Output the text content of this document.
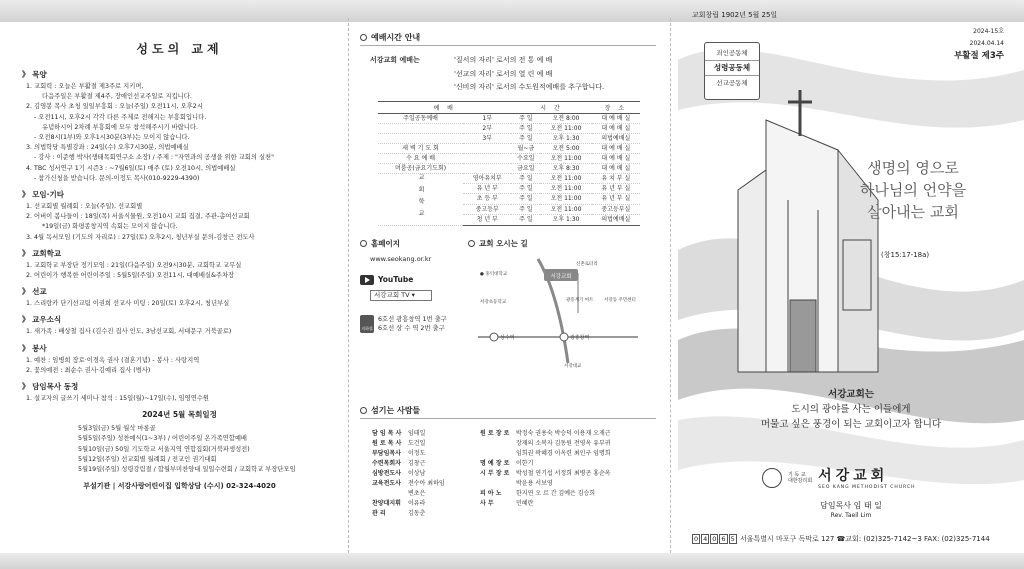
성도의 교제
》 목양
1. 교회력 : 오늘은 부활절 제3주로 지키며,
다음주일은 부활절 제4주, 장애인선교주일로 지킵니다.
2. 김영봉 목사 초청 일일부흥회 : 오늘(주일) 오전11시, 오후2시
- 오전11시, 오후2시 각각 다른 주제로 전해지는 부흥회입니다.
유념하시어 2차례 부흥회에 모두 참석해주시기 바랍니다.
- 오전8시(1부)와 오후1시30분(3부)는 모이지 않습니다.
3. 의법학당 특별강좌 : 24일(수) 오후7시30분, 의법예배실
- 강사 : 이준행 박사(생태목회연구소 소장) / 주제 : "자연과의 공생을 위한 교회의 실천"
4. TBC 성서연구 1기 시즌3 : ~7월6일(토) 매주 (토) 오전10시, 의법예배실
- 참가신청을 받습니다. 문의-이정도 목사(010-9229-4390)
》 모임·기타
1. 선교회별 월례회 : 오늘(주일), 선교회별
2. 어버이 봄나들이 : 18일(목) 서울식물원, 오전10시 교회 집결, 주관-총여선교회
*19일(금) 화평종창지역 속회는 모이지 않습니다.
3. 4월 독서모임 (기도의 자리로) : 27일(토) 오후2시, 청년부실 문의-김창근 전도사
》 교회학교
1. 교회학교 부장단 정기모임 : 21일(다음주일) 오전9시30분, 교회학교 교무실
2. 어린이가 행복한 어린이주일 : 5월5일(주일) 오전11시, 대예배실&주차장
》 선교
1. 스리랑카 단기선교팀 이권희 선교사 미팅 : 20일(토) 오후2시, 청년부실
》 교우소식
1. 새가족 : 배상철 집사 (김수진 집사 인도, 3남선교회, 서대문구 거북골로)
》 봉사
1. 예찬 : 임병희 장로·이경옥 권사 (결혼기념) - 봉사 : 사랑지역
2. 꽃의예전 : 최순수 권사·김예리 집사 (범사)
》 담임목사 동정
1. 설교자의 글쓰기 세미나 참석 : 15일(월)~17일(수), 임영연수원
2024년 5월 목회일정
5월3일(금) 5월 월삭 마롱골
5월5일(주일) 성찬예식(1~3부) / 어린이주일 온가족연합예배
5월10일(금) 50일 기도학교 서울지역 연합집회(거북파생성전)
5월12일(주일) 선교회별 월례회 / 전교인 권기대회
5월19일(주일) 성령강림절 / 합월부미찬양대 일일수련회 / 교회학교 부장단모임
부설기관 | 서강사랑어린이집 입학상담 (수시) 02-324-4020
예배시간 안내
서강교회 예배는	'질서의 자리' 로서의 전 통 예 배
'선교의 자리' 로서의 열 린 예 배
'신비의 자리' 로서의 수도원적예배를 추구합니다.
예 배		시 간		장 소
주일공동예배	1부	주 일	오전 8:00	대 예 배 실
	2부	주 일	오전 11:00	대 예 배 실
	3부	주 일	오후 1:30	의법예배실
새 벽 기 도 회		월~금	오전 5:00	대 예 배 실
수 요 예 배		수요일	오전 11:00	대 예 배 실
머룸공(금요기도회)		금요일	오후 8:30	대 예 배 실
교회학교	영아유치부	주 일	오전 11:00	유 치 부 실
	유 년 부	주 일	오전 11:00	유 년 부 실
	초 등 부	주 일	오전 11:00	유 년 부 실
	중고등부	주 일	오전 11:00	중고등부실
	청 년 부	주 일	오후 1:30	의법예배실
홈페이지
www.seokang.or.kr
YouTube
서강교회 TV ▾
지하철
6호선 광흥창역 1번 출구
6호선 상 수 역 2번 출구
교회 오시는 길
서강교회
신촌로터리
● 홍익대학교
서강초등학교	광흥계기 마트 서강동 주민센터
상수역	광흥창역
서강대교
섬기는 사람들
담 임 목 사 임태일
원 로 목 사 도건일
부담임목사 이정도
수련목회자 김창근
심방전도사 이상남
교육전도사 전수아 최하임
변초은
찬양대지휘 이유라
관 리	김동춘
원 로 장 로 박정숙 권용숙 박승덕 이용재 오재근
장재의 소복자 김동원 전영옥 유부귀
임희권 곽혜경 이옥련 최인구 임명희
명 예 장 로 이한기
시 무 장 로 박성철 연기섭 서정희 최병곤 홍순옥
박윤용 서보영
피 아 노 한지연 오 르 간 김예은 김승희
사 무	민혜란
·
교회창립 1902년 5월 25일
2024-15호
2024.04.14
부활절 제3주
죄인공동체
성령공동체
선교공동체
생명의 영으로
하나님의 언약을
살아내는 교회
(창15:17-18a)
서강교회는
도시의 광야를 사는 이들에게
머물고 싶은 풍경이 되는 교회이고자 합니다
기 독 교
대한감리회 서강교회
SEO KANG METHODIST CHURCH
담임목사 임 태 일
Rev. Taeil Lim
0 4 0 6 5 서울특별시 마포구 독막로 127 ☎교회: (02)325-7142~3 FAX: (02)325-7144
